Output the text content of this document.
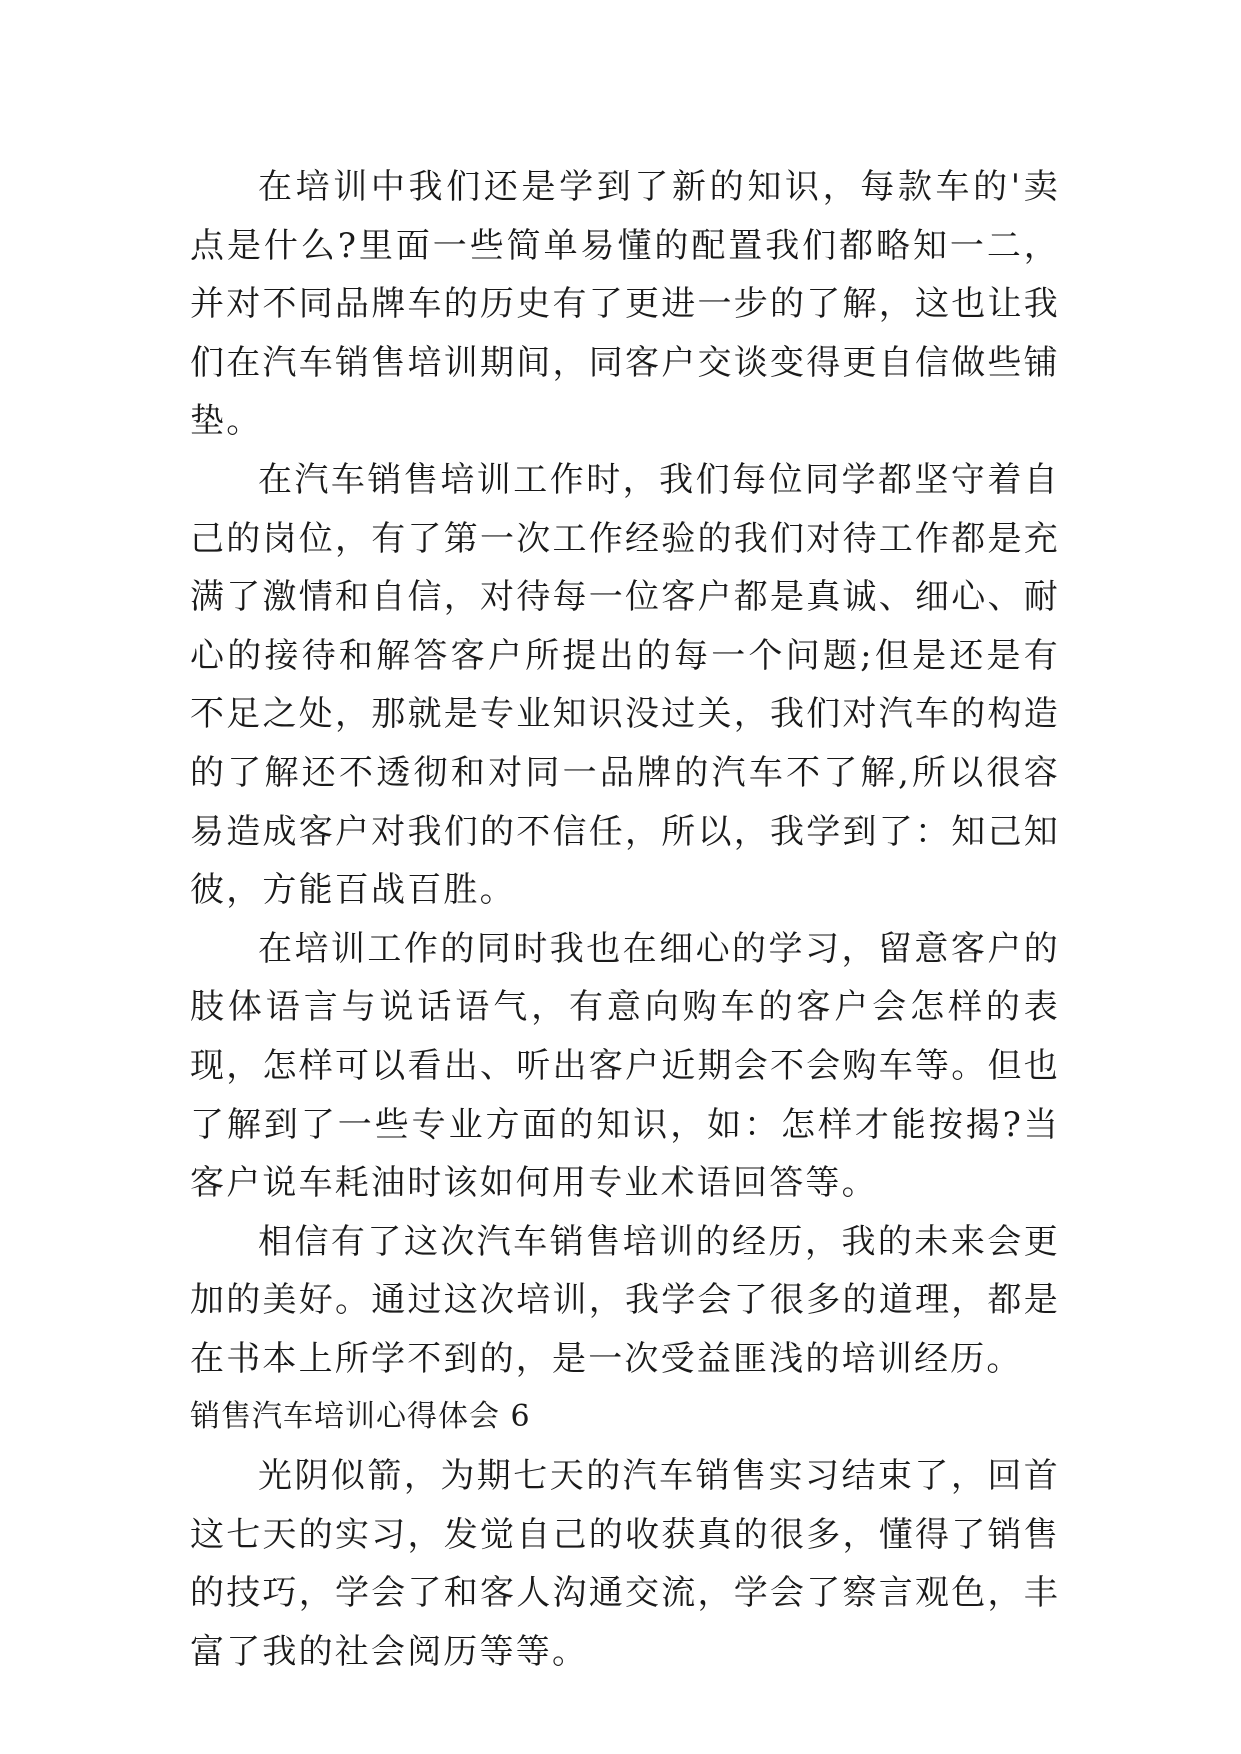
在培训中我们还是学到了新的知识，每款车的'卖点是什么?里面一些简单易懂的配置我们都略知一二，并对不同品牌车的历史有了更进一步的了解，这也让我们在汽车销售培训期间，同客户交谈变得更自信做些铺垫。

在汽车销售培训工作时，我们每位同学都坚守着自己的岗位，有了第一次工作经验的我们对待工作都是充满了激情和自信，对待每一位客户都是真诚、细心、耐心的接待和解答客户所提出的每一个问题;但是还是有不足之处，那就是专业知识没过关，我们对汽车的构造的了解还不透彻和对同一品牌的汽车不了解,所以很容易造成客户对我们的不信任，所以，我学到了：知己知彼，方能百战百胜。

在培训工作的同时我也在细心的学习，留意客户的肢体语言与说话语气，有意向购车的客户会怎样的表现，怎样可以看出、听出客户近期会不会购车等。但也了解到了一些专业方面的知识，如：怎样才能按揭?当客户说车耗油时该如何用专业术语回答等。

相信有了这次汽车销售培训的经历，我的未来会更加的美好。通过这次培训，我学会了很多的道理，都是在书本上所学不到的，是一次受益匪浅的培训经历。

销售汽车培训心得体会 6

光阴似箭，为期七天的汽车销售实习结束了，回首这七天的实习，发觉自己的收获真的很多，懂得了销售的技巧，学会了和客人沟通交流，学会了察言观色，丰富了我的社会阅历等等。
